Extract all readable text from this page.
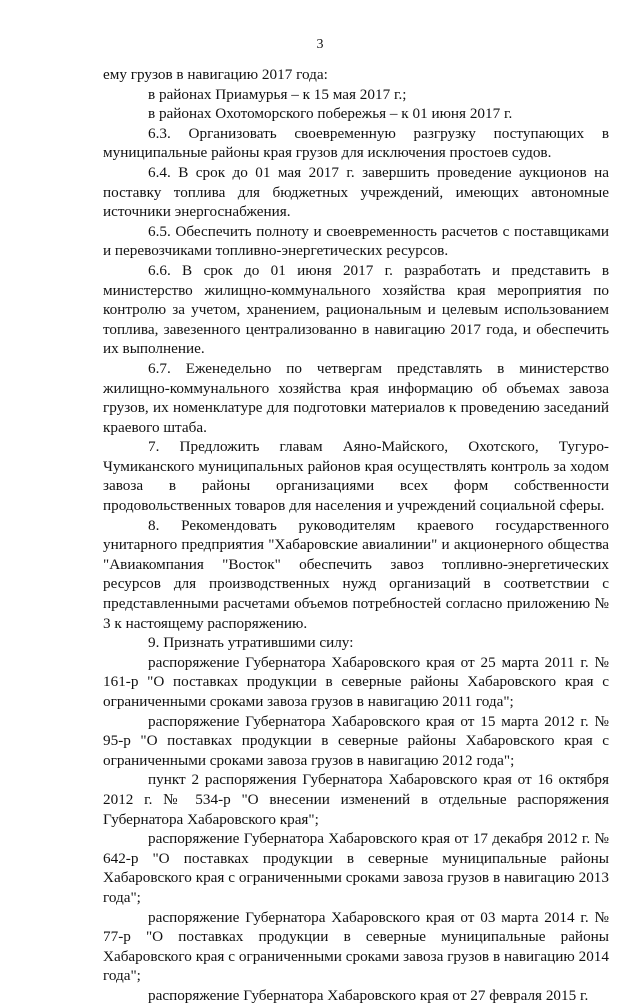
3

ему грузов в навигацию 2017 года:

в районах Приамурья – к 15 мая 2017 г.;

в районах Охотоморского побережья – к 01 июня 2017 г.

6.3. Организовать своевременную разгрузку поступающих в муниципальные районы края грузов для исключения простоев судов.

6.4. В срок до 01 мая 2017 г. завершить проведение аукционов на поставку топлива для бюджетных учреждений, имеющих автономные источники энергоснабжения.

6.5. Обеспечить полноту и своевременность расчетов с поставщиками и перевозчиками топливно-энергетических ресурсов.

6.6. В срок до 01 июня 2017 г. разработать и представить в министерство жилищно-коммунального хозяйства края мероприятия по контролю за учетом, хранением, рациональным и целевым использованием топлива, завезенного централизованно в навигацию 2017 года, и обеспечить их выполнение.

6.7. Еженедельно по четвергам представлять в министерство жилищно-коммунального хозяйства края информацию об объемах завоза грузов, их номенклатуре для подготовки материалов к проведению заседаний краевого штаба.

7. Предложить главам Аяно-Майского, Охотского, Тугуро-Чумиканского муниципальных районов края осуществлять контроль за ходом завоза в районы организациями всех форм собственности продовольственных товаров для населения и учреждений социальной сферы.

8. Рекомендовать руководителям краевого государственного унитарного предприятия "Хабаровские авиалинии" и акционерного общества "Авиакомпания "Восток" обеспечить завоз топливно-энергетических ресурсов для производственных нужд организаций в соответствии с представленными расчетами объемов потребностей согласно приложению № 3 к настоящему распоряжению.

9. Признать утратившими силу:

распоряжение Губернатора Хабаровского края от 25 марта 2011 г. № 161-р "О поставках продукции в северные районы Хабаровского края с ограниченными сроками завоза грузов в навигацию 2011 года";

распоряжение Губернатора Хабаровского края от 15 марта 2012 г. № 95-р "О поставках продукции в северные районы Хабаровского края с ограниченными сроками завоза грузов в навигацию 2012 года";

пункт 2 распоряжения Губернатора Хабаровского края от 16 октября 2012 г. № 534-р "О внесении изменений в отдельные распоряжения Губернатора Хабаровского края";

распоряжение Губернатора Хабаровского края от 17 декабря 2012 г. № 642-р "О поставках продукции в северные муниципальные районы Хабаровского края с ограниченными сроками завоза грузов в навигацию 2013 года";

распоряжение Губернатора Хабаровского края от 03 марта 2014 г. № 77-р "О поставках продукции в северные муниципальные районы Хабаровского края с ограниченными сроками завоза грузов в навигацию 2014 года";

распоряжение Губернатора Хабаровского края от 27 февраля 2015 г.
